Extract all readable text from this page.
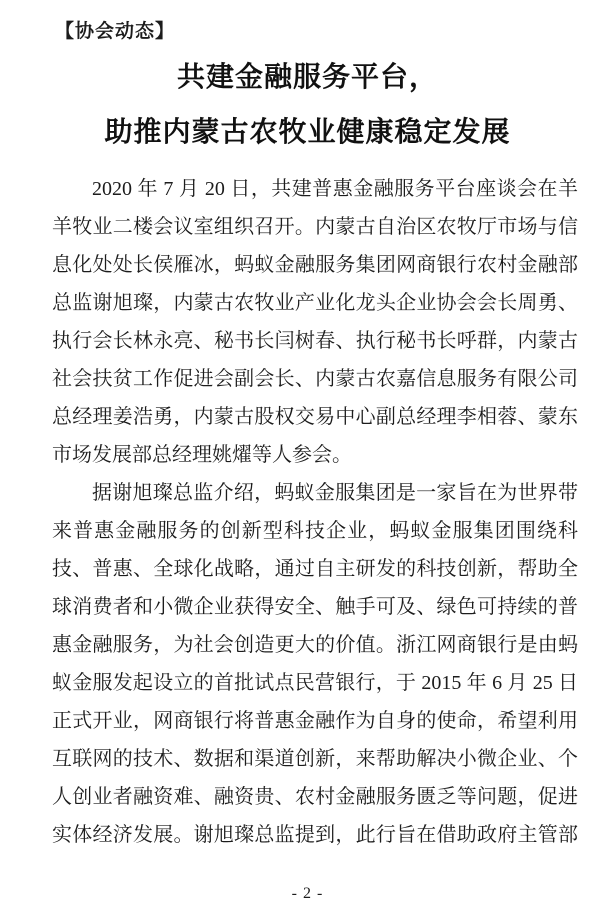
【协会动态】
共建金融服务平台，
助推内蒙古农牧业健康稳定发展
2020 年 7 月 20 日，共建普惠金融服务平台座谈会在羊
羊牧业二楼会议室组织召开。内蒙古自治区农牧厅市场与信
息化处处长侯雁冰，蚂蚁金融服务集团网商银行农村金融部
总监谢旭璨，内蒙古农牧业产业化龙头企业协会会长周勇、
执行会长林永亮、秘书长闫树春、执行秘书长呼群，内蒙古
社会扶贫工作促进会副会长、内蒙古农嘉信息服务有限公司
总经理姜浩勇，内蒙古股权交易中心副总经理李相蓉、蒙东
市场发展部总经理姚燿等人参会。
据谢旭璨总监介绍，蚂蚁金服集团是一家旨在为世界带
来普惠金融服务的创新型科技企业，蚂蚁金服集团围绕科
技、普惠、全球化战略，通过自主研发的科技创新，帮助全
球消费者和小微企业获得安全、触手可及、绿色可持续的普
惠金融服务，为社会创造更大的价值。浙江网商银行是由蚂
蚁金服发起设立的首批试点民营银行，于 2015 年 6 月 25 日
正式开业，网商银行将普惠金融作为自身的使命，希望利用
互联网的技术、数据和渠道创新，来帮助解决小微企业、个
人创业者融资难、融资贵、农村金融服务匮乏等问题，促进
实体经济发展。谢旭璨总监提到，此行旨在借助政府主管部
- 2 -
